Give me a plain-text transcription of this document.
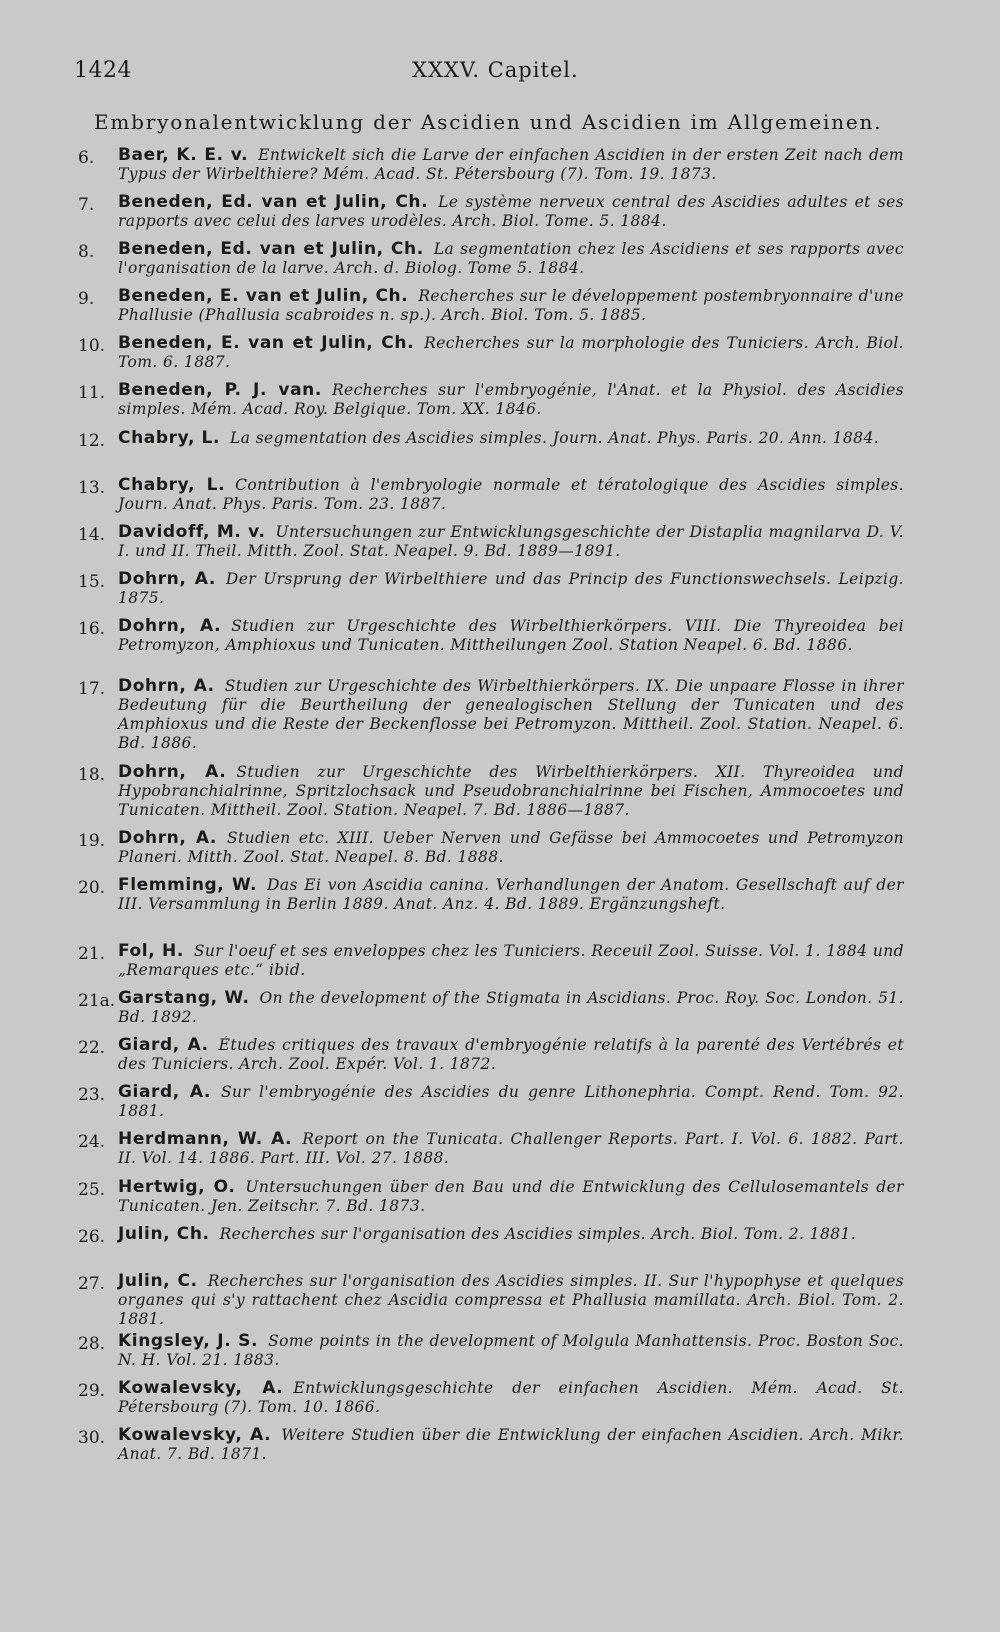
1424	XXXV. Capitel.
Embryonalentwicklung der Ascidien und Ascidien im Allgemeinen.
6. Baer, K. E. v. Entwickelt sich die Larve der einfachen Ascidien in der ersten Zeit nach dem Typus der Wirbelthiere? Mém. Acad. St. Pétersbourg (7). Tom. 19. 1873.
7. Beneden, Ed. van et Julin, Ch. Le système nerveux central des Ascidies adultes et ses rapports avec celui des larves urodèles. Arch. Biol. Tome. 5. 1884.
8. Beneden, Ed. van et Julin, Ch. La segmentation chez les Ascidiens et ses rapports avec l'organisation de la larve. Arch. d. Biolog. Tome 5. 1884.
9. Beneden, E. van et Julin, Ch. Recherches sur le développement postembryonnaire d'une Phallusie (Phallusia scabroides n. sp.). Arch. Biol. Tom. 5. 1885.
10. Beneden, E. van et Julin, Ch. Recherches sur la morphologie des Tuniciers. Arch. Biol. Tom. 6. 1887.
11. Beneden, P. J. van. Recherches sur l'embryogénie, l'Anat. et la Physiol. des Ascidies simples. Mém. Acad. Roy. Belgique. Tom. XX. 1846.
12. Chabry, L. La segmentation des Ascidies simples. Journ. Anat. Phys. Paris. 20. Ann. 1884.
13. Chabry, L. Contribution à l'embryologie normale et tératologique des Ascidies simples. Journ. Anat. Phys. Paris. Tom. 23. 1887.
14. Davidoff, M. v. Untersuchungen zur Entwicklungsgeschichte der Distaplia magnilarva D. V. I. und II. Theil. Mitth. Zool. Stat. Neapel. 9. Bd. 1889—1891.
15. Dohrn, A. Der Ursprung der Wirbelthiere und das Princip des Functionswechsels. Leipzig. 1875.
16. Dohrn, A. Studien zur Urgeschichte des Wirbelthierkörpers. VIII. Die Thyreoidea bei Petromyzon, Amphioxus und Tunicaten. Mittheilungen Zool. Station Neapel. 6. Bd. 1886.
17. Dohrn, A. Studien zur Urgeschichte des Wirbelthierkörpers. IX. Die unpaare Flosse in ihrer Bedeutung für die Beurtheilung der genealogischen Stellung der Tunicaten und des Amphioxus und die Reste der Beckenflosse bei Petromyzon. Mittheil. Zool. Station. Neapel. 6. Bd. 1886.
18. Dohrn, A. Studien zur Urgeschichte des Wirbelthierkörpers. XII. Thyreoidea und Hypobranchialrinne, Spritzlochsack und Pseudobranchialrinne bei Fischen, Ammocoetes und Tunicaten. Mittheil. Zool. Station. Neapel. 7. Bd. 1886—1887.
19. Dohrn, A. Studien etc. XIII. Ueber Nerven und Gefässe bei Ammocoetes und Petromyzon Planeri. Mitth. Zool. Stat. Neapel. 8. Bd. 1888.
20. Flemming, W. Das Ei von Ascidia canina. Verhandlungen der Anatom. Gesellschaft auf der III. Versammlung in Berlin 1889. Anat. Anz. 4. Bd. 1889. Ergänzungsheft.
21. Fol, H. Sur l'oeuf et ses enveloppes chez les Tuniciers. Receuil Zool. Suisse. Vol. 1. 1884 und „Remarques etc.“ ibid.
21a. Garstang, W. On the development of the Stigmata in Ascidians. Proc. Roy. Soc. London. 51. Bd. 1892.
22. Giard, A. Études critiques des travaux d'embryogénie relatifs à la parenté des Vertébrés et des Tuniciers. Arch. Zool. Expér. Vol. 1. 1872.
23. Giard, A. Sur l'embryogénie des Ascidies du genre Lithonephria. Compt. Rend. Tom. 92. 1881.
24. Herdmann, W. A. Report on the Tunicata. Challenger Reports. Part. I. Vol. 6. 1882. Part. II. Vol. 14. 1886. Part. III. Vol. 27. 1888.
25. Hertwig, O. Untersuchungen über den Bau und die Entwicklung des Cellulosemantels der Tunicaten. Jen. Zeitschr. 7. Bd. 1873.
26. Julin, Ch. Recherches sur l'organisation des Ascidies simples. Arch. Biol. Tom. 2. 1881.
27. Julin, C. Recherches sur l'organisation des Ascidies simples. II. Sur l'hypophyse et quelques organes qui s'y rattachent chez Ascidia compressa et Phallusia mamillata. Arch. Biol. Tom. 2. 1881.
28. Kingsley, J. S. Some points in the development of Molgula Manhattensis. Proc. Boston Soc. N. H. Vol. 21. 1883.
29. Kowalevsky, A. Entwicklungsgeschichte der einfachen Ascidien. Mém. Acad. St. Pétersbourg (7). Tom. 10. 1866.
30. Kowalevsky, A. Weitere Studien über die Entwicklung der einfachen Ascidien. Arch. Mikr. Anat. 7. Bd. 1871.
